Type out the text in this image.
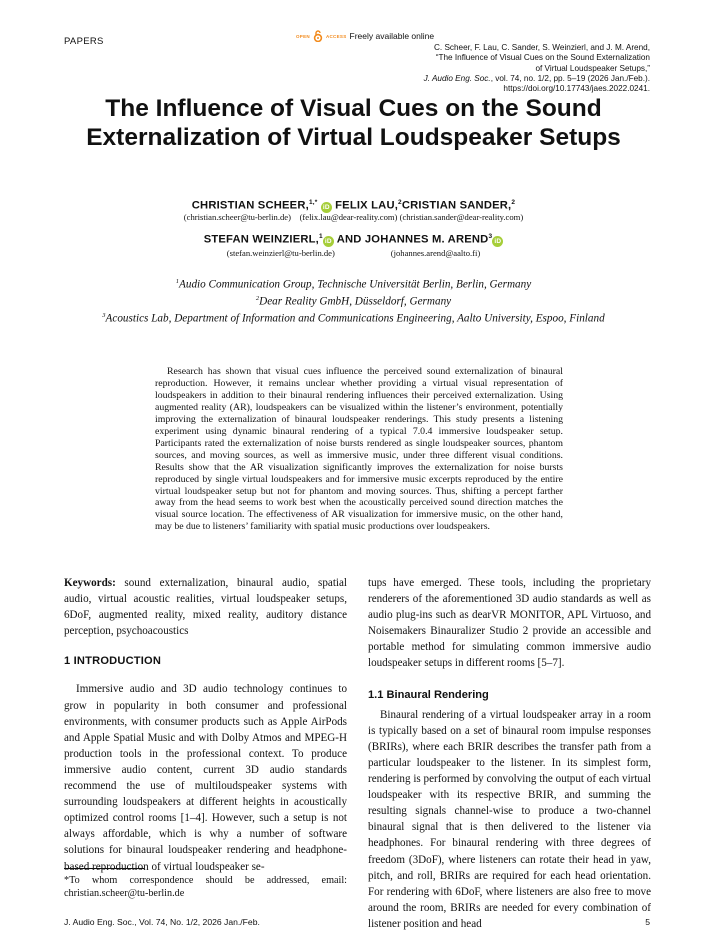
PAPERS	OPEN	ACCESS Freely available online
C. Scheer, F. Lau, C. Sander, S. Weinzierl, and J. M. Arend,
“The Influence of Visual Cues on the Sound Externalization
of Virtual Loudspeaker Setups,”
J. Audio Eng. Soc., vol. 74, no. 1/2, pp. 5–19 (2026 Jan./Feb.).
https://doi.org/10.17743/jaes.2022.0241.
The Influence of Visual Cues on the Sound
Externalization of Virtual Loudspeaker Setups
CHRISTIAN SCHEER,$^{1,*}$ iD FELIX LAU,$^2$CRISTIAN SANDER,$^2$
(christian.scheer@tu-berlin.de) (felix.lau@dear-reality.com) (christian.sander@dear-reality.com)
STEFAN WEINZIERL,$^1$iD AND JOHANNES M. AREND$^3$iD
(stefan.weinzierl@tu-berlin.de)	(johannes.arend@aalto.fi)
$^1$Audio Communication Group, Technische Universität Berlin, Berlin, Germany
$^2$Dear Reality GmbH, Düsseldorf, Germany
$^3$Acoustics Lab, Department of Information and Communications Engineering, Aalto University, Espoo, Finland
Research has shown that visual cues influence the perceived sound externalization of binaural reproduction. However, it remains unclear whether providing a virtual visual representation of loudspeakers in addition to their binaural rendering influences their perceived externalization. Using augmented reality (AR), loudspeakers can be visualized within the listener’s environment, potentially improving the externalization of binaural loudspeaker renderings. This study presents a listening experiment using dynamic binaural rendering of a typical 7.0.4 immersive loudspeaker setup. Participants rated the externalization of noise bursts rendered as single loudspeaker sources, phantom sources, and moving sources, as well as immersive music, under three different visual conditions. Results show that the AR visualization significantly improves the externalization for noise bursts reproduced by single virtual loudspeakers and for immersive music excerpts reproduced by the entire virtual loudspeaker setup but not for phantom and moving sources. Thus, shifting a percept farther away from the head seems to work best when the acoustically perceived sound direction matches the visual source location. The effectiveness of AR visualization for immersive music, on the other hand, may be due to listeners’ familiarity with spatial music productions over loudspeakers.

Keywords: sound externalization, binaural audio, spatial audio, virtual acoustic realities, virtual loudspeaker setups, 6DoF, augmented reality, mixed reality, auditory distance perception, psychoacoustics

1 INTRODUCTION

Immersive audio and 3D audio technology continues to grow in popularity in both consumer and professional environments, with consumer products such as Apple AirPods and Apple Spatial Music and with Dolby Atmos and MPEG-H production tools in the professional context. To produce immersive audio content, current 3D audio standards recommend the use of multiloudspeaker systems with surrounding loudspeakers at different heights in acoustically optimized control rooms [1–4]. However, such a setup is not always affordable, which is why a number of software solutions for binaural loudspeaker rendering and headphone-based reproduction of virtual loudspeaker se-

tups have emerged. These tools, including the proprietary renderers of the aforementioned 3D audio standards as well as audio plug-ins such as dearVR MONITOR, APL Virtuoso, and Noisemakers Binauralizer Studio 2 provide an accessible and portable method for simulating common immersive audio loudspeaker setups in different rooms [5–7].

1.1 Binaural Rendering

Binaural rendering of a virtual loudspeaker array in a room is typically based on a set of binaural room impulse responses (BRIRs), where each BRIR describes the transfer path from a particular loudspeaker to the listener. In its simplest form, rendering is performed by convolving the output of each virtual loudspeaker with its respective BRIR, and summing the resulting signals channel-wise to produce a two-channel binaural signal that is then delivered to the listener via headphones. For binaural rendering with three degrees of freedom (3DoF), where listeners can rotate their head in yaw, pitch, and roll, BRIRs are required for each head orientation. For rendering with 6DoF, where listeners are also free to move around the room, BRIRs are needed for every combination of listener position and head

*To whom correspondence should be addressed, email: christian.scheer@tu-berlin.de
J. Audio Eng. Soc., Vol. 74, No. 1/2, 2026 Jan./Feb.	5
